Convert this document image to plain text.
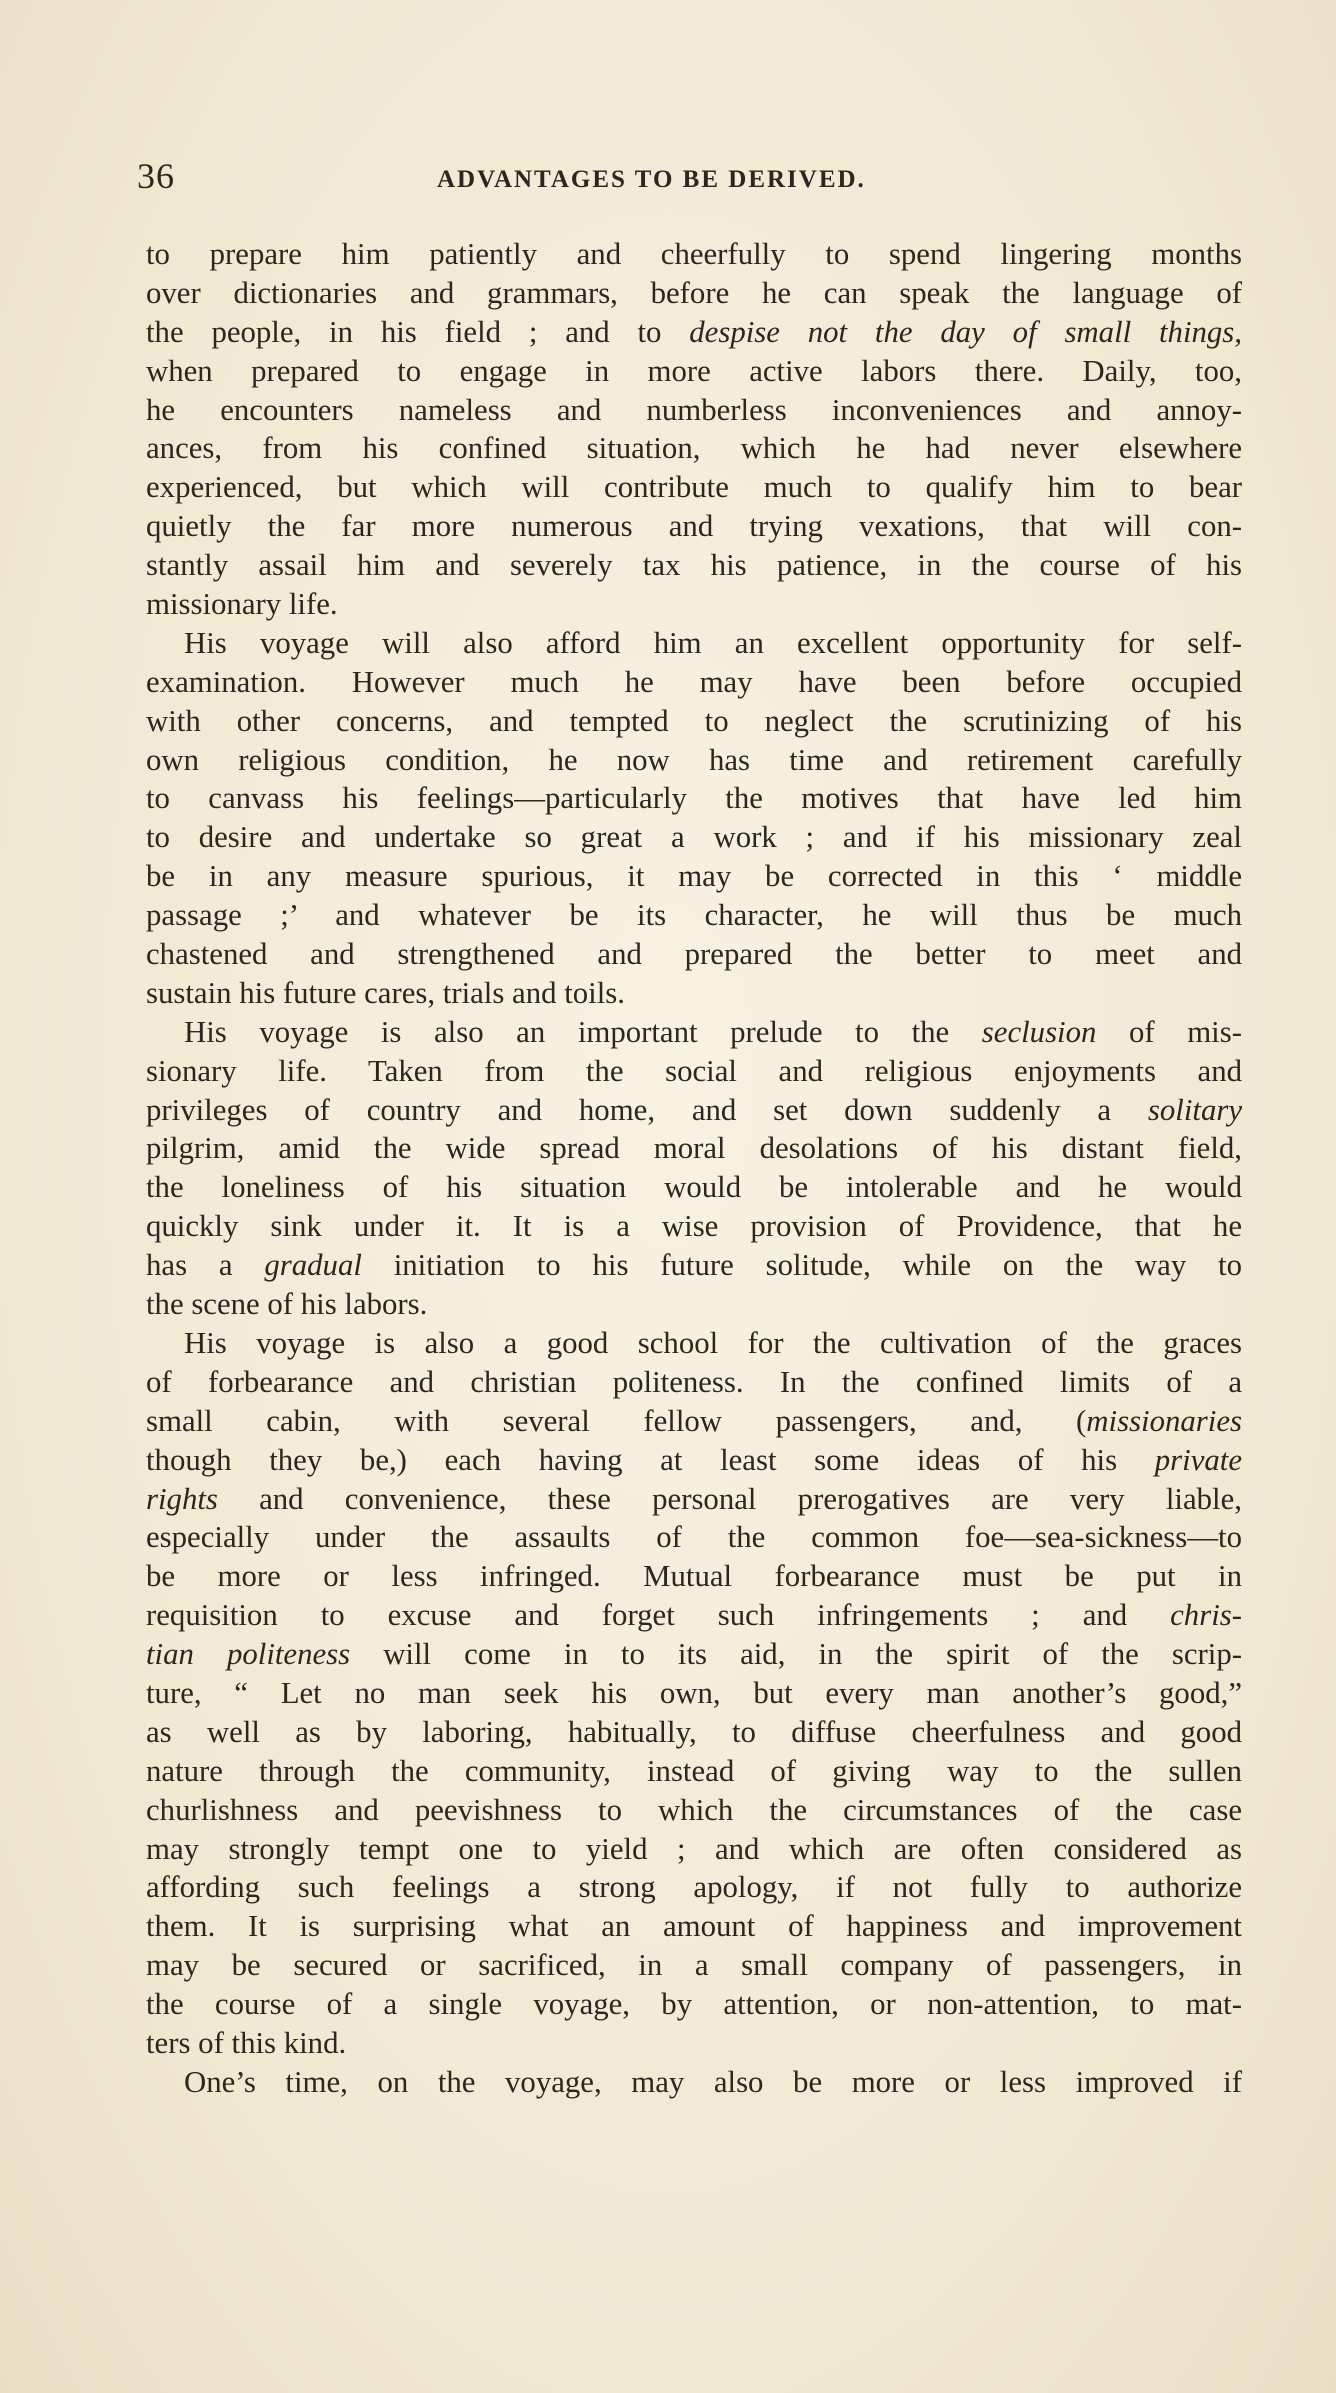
36	ADVANTAGES TO BE DERIVED.
to prepare him patiently and cheerfully to spend lingering months
over dictionaries and grammars, before he can speak the language of
the people, in his field ; and to despise not the day of small things,
when prepared to engage in more active labors there. Daily, too,
he encounters nameless and numberless inconveniences and annoy-
ances, from his confined situation, which he had never elsewhere
experienced, but which will contribute much to qualify him to bear
quietly the far more numerous and trying vexations, that will con-
stantly assail him and severely tax his patience, in the course of his
missionary life.
His voyage will also afford him an excellent opportunity for self-
examination. However much he may have been before occupied
with other concerns, and tempted to neglect the scrutinizing of his
own religious condition, he now has time and retirement carefully
to canvass his feelings—particularly the motives that have led him
to desire and undertake so great a work ; and if his missionary zeal
be in any measure spurious, it may be corrected in this ‘ middle
passage ;’ and whatever be its character, he will thus be much
chastened and strengthened and prepared the better to meet and
sustain his future cares, trials and toils.
His voyage is also an important prelude to the seclusion of mis-
sionary life. Taken from the social and religious enjoyments and
privileges of country and home, and set down suddenly a solitary
pilgrim, amid the wide spread moral desolations of his distant field,
the loneliness of his situation would be intolerable and he would
quickly sink under it. It is a wise provision of Providence, that he
has a gradual initiation to his future solitude, while on the way to
the scene of his labors.
His voyage is also a good school for the cultivation of the graces
of forbearance and christian politeness. In the confined limits of a
small cabin, with several fellow passengers, and, (missionaries
though they be,) each having at least some ideas of his private
rights and convenience, these personal prerogatives are very liable,
especially under the assaults of the common foe—sea-sickness—to
be more or less infringed. Mutual forbearance must be put in
requisition to excuse and forget such infringements ; and chris-
tian politeness will come in to its aid, in the spirit of the scrip-
ture, “ Let no man seek his own, but every man another’s good,”
as well as by laboring, habitually, to diffuse cheerfulness and good
nature through the community, instead of giving way to the sullen
churlishness and peevishness to which the circumstances of the case
may strongly tempt one to yield ; and which are often considered as
affording such feelings a strong apology, if not fully to authorize
them. It is surprising what an amount of happiness and improvement
may be secured or sacrificed, in a small company of passengers, in
the course of a single voyage, by attention, or non-attention, to mat-
ters of this kind.
One’s time, on the voyage, may also be more or less improved if
